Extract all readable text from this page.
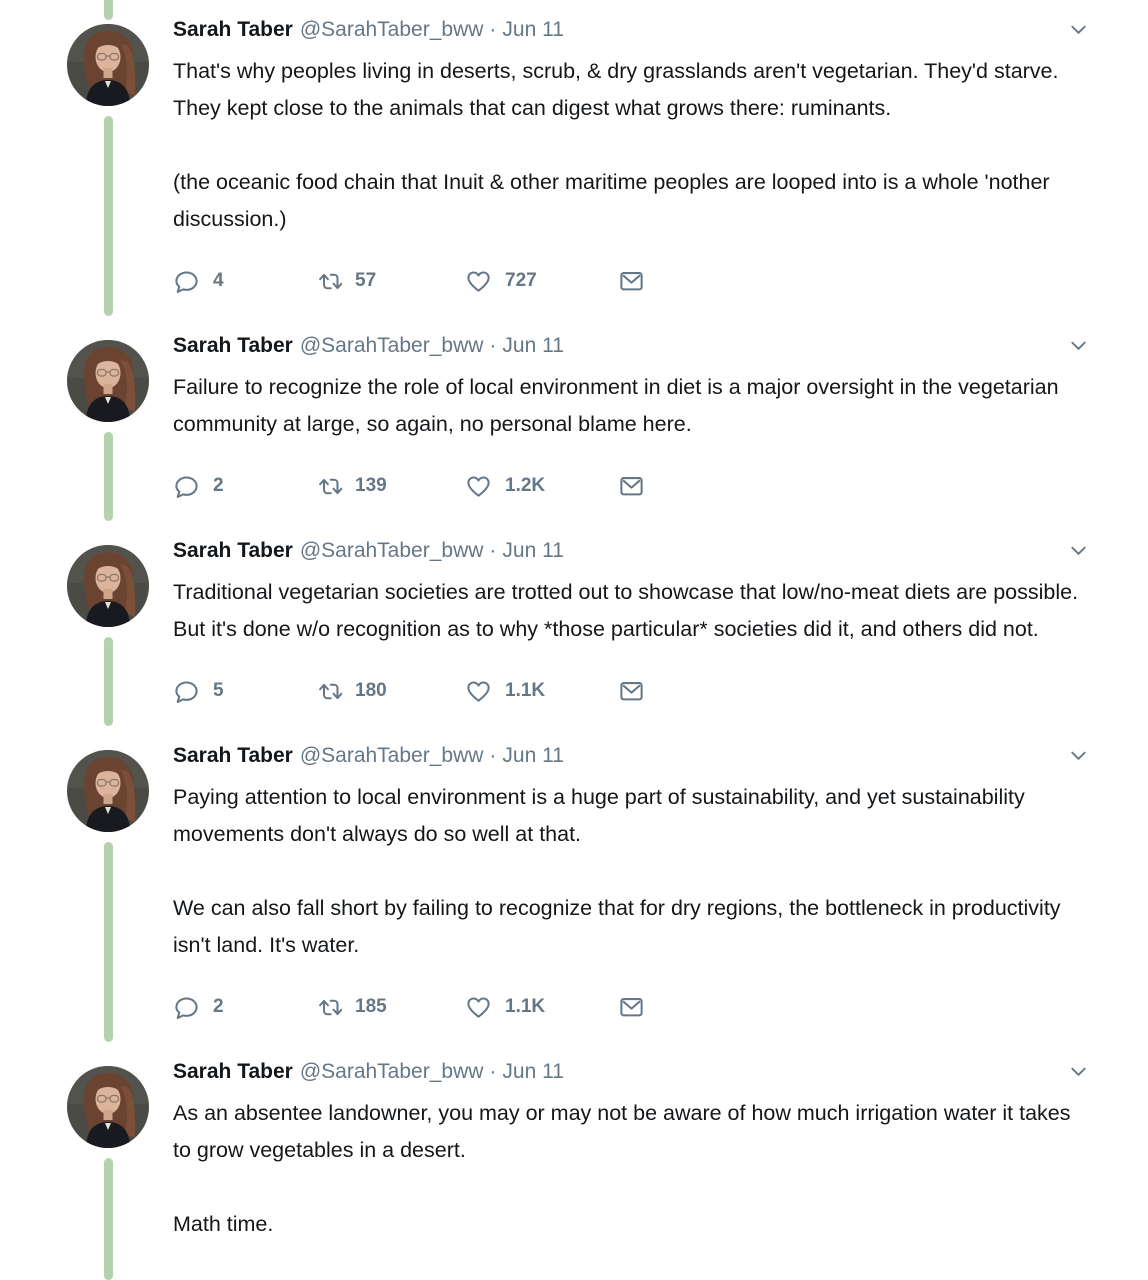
Sarah Taber @SarahTaber_bww · Jun 11

That's why peoples living in deserts, scrub, & dry grasslands aren't vegetarian. They'd starve. They kept close to the animals that can digest what grows there: ruminants.

(the oceanic food chain that Inuit & other maritime peoples are looped into is a whole 'nother discussion.)

4	57	727
Sarah Taber @SarahTaber_bww · Jun 11

Failure to recognize the role of local environment in diet is a major oversight in the vegetarian community at large, so again, no personal blame here.

2	139	1.2K
Sarah Taber @SarahTaber_bww · Jun 11

Traditional vegetarian societies are trotted out to showcase that low/no-meat diets are possible. But it's done w/o recognition as to why *those particular* societies did it, and others did not.

5	180	1.1K
Sarah Taber @SarahTaber_bww · Jun 11

Paying attention to local environment is a huge part of sustainability, and yet sustainability movements don't always do so well at that.

We can also fall short by failing to recognize that for dry regions, the bottleneck in productivity isn't land. It's water.

2	185	1.1K
Sarah Taber @SarahTaber_bww · Jun 11

As an absentee landowner, you may or may not be aware of how much irrigation water it takes to grow vegetables in a desert.

Math time.
